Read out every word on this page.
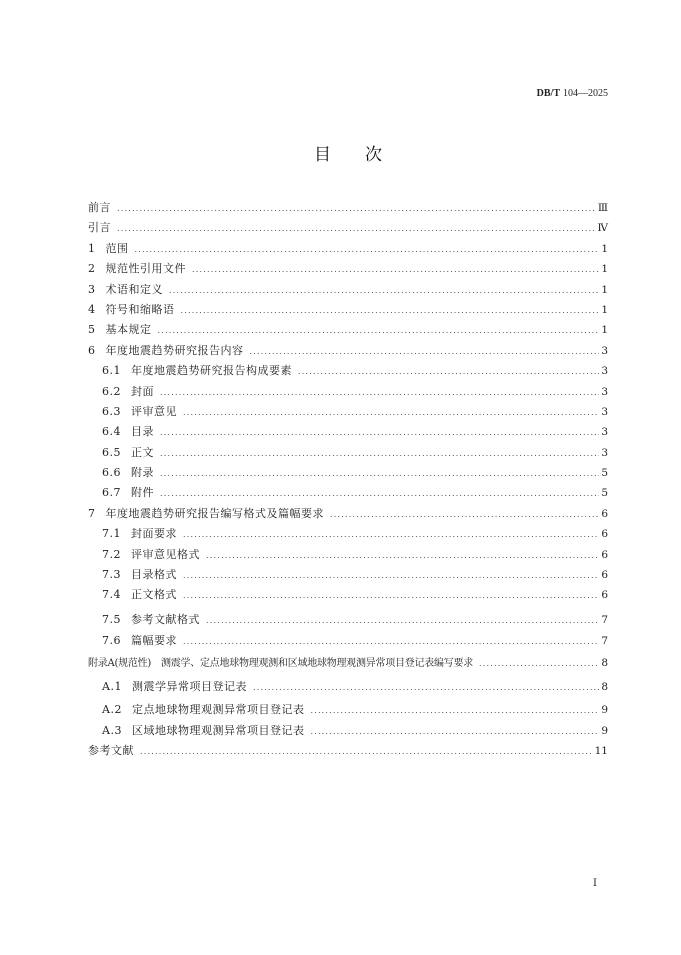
DB/T 104—2025
目　　次
前言 .....	Ⅲ
引言 .....	Ⅳ
1 范围 .....	1
2 规范性引用文件 .....	1
3 术语和定义 .....	1
4 符号和缩略语 .....	1
5 基本规定 .....	1
6 年度地震趋势研究报告内容 .....	3
6.1 年度地震趋势研究报告构成要素 .....	3
6.2 封面 .....	3
6.3 评审意见 .....	3
6.4 目录 .....	3
6.5 正文 .....	3
6.6 附录 .....	5
6.7 附件 .....	5
7 年度地震趋势研究报告编写格式及篇幅要求 .....	6
7.1 封面要求 .....	6
7.2 评审意见格式 .....	6
7.3 目录格式 .....	6
7.4 正文格式 .....	6
7.5 参考文献格式 .....	7
7.6 篇幅要求 .....	7
附录A(规范性) 测震学、定点地球物理观测和区域地球物理观测异常项目登记表编写要求 .....	8
A.1 测震学异常项目登记表 .....	8
A.2 定点地球物理观测异常项目登记表 .....	9
A.3 区域地球物理观测异常项目登记表 .....	9
参考文献 .....	11
Ⅰ
